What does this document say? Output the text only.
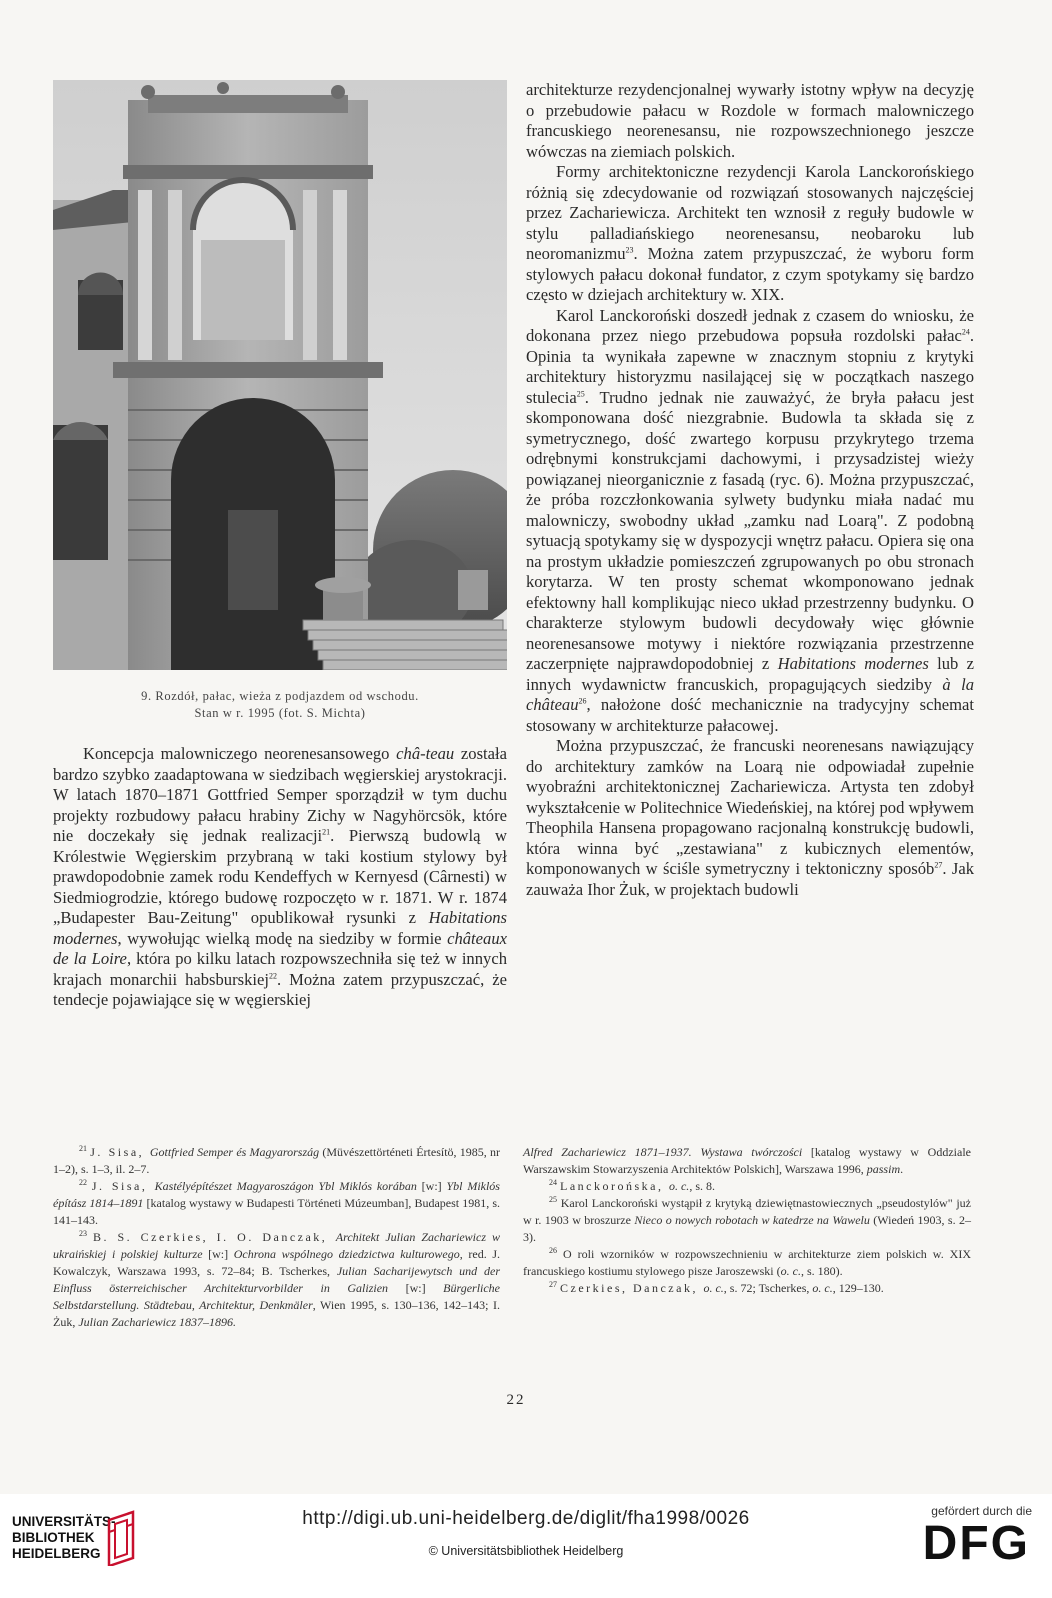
9. Rozdół, pałac, wieża z podjazdem od wschodu.
Stan w r. 1995 (fot. S. Michta)

Koncepcja malowniczego neorenesansowego châ-teau została bardzo szybko zaadaptowana w siedzibach węgierskiej arystokracji. W latach 1870–1871 Gottfried Semper sporządził w tym duchu projekty rozbudowy pałacu hrabiny Zichy w Nagyhörcsök, które nie doczekały się jednak realizacji$^{21}$. Pierwszą budowlą w Królestwie Węgierskim przybraną w taki kostium stylowy był prawdopodobnie zamek rodu Kendeffych w Kernyesd (Cârnesti) w Siedmiogrodzie, którego budowę rozpoczęto w r. 1871. W r. 1874 „Budapester Bau-Zeitung" opublikował rysunki z Habitations modernes, wywołując wielką modę na siedziby w formie châteaux de la Loire, która po kilku latach rozpowszechniła się też w innych krajach monarchii habsburskiej$^{22}$. Można zatem przypuszczać, że tendecje pojawiające się w węgierskiej

architekturze rezydencjonalnej wywarły istotny wpływ na decyzję o przebudowie pałacu w Rozdole w formach malowniczego francuskiego neorenesansu, nie rozpowszechnionego jeszcze wówczas na ziemiach polskich.

Formy architektoniczne rezydencji Karola Lanckorońskiego różnią się zdecydowanie od rozwiązań stosowanych najczęściej przez Zachariewicza. Architekt ten wznosił z reguły budowle w stylu palladiańskiego neorenesansu, neobaroku lub neoromanizmu$^{23}$. Można zatem przypuszczać, że wyboru form stylowych pałacu dokonał fundator, z czym spotykamy się bardzo często w dziejach architektury w. XIX.

Karol Lanckoroński doszedł jednak z czasem do wniosku, że dokonana przez niego przebudowa popsuła rozdolski pałac$^{24}$. Opinia ta wynikała zapewne w znacznym stopniu z krytyki architektury historyzmu nasilającej się w początkach naszego stulecia$^{25}$. Trudno jednak nie zauważyć, że bryła pałacu jest skomponowana dość niezgrabnie. Budowla ta składa się z symetrycznego, dość zwartego korpusu przykrytego trzema odrębnymi konstrukcjami dachowymi, i przysadzistej wieży powiązanej nieorganicznie z fasadą (ryc. 6). Można przypuszczać, że próba rozczłonkowania sylwety budynku miała nadać mu malowniczy, swobodny układ „zamku nad Loarą". Z podobną sytuacją spotykamy się w dyspozycji wnętrz pałacu. Opiera się ona na prostym układzie pomieszczeń zgrupowanych po obu stronach korytarza. W ten prosty schemat wkomponowano jednak efektowny hall komplikując nieco układ przestrzenny budynku. O charakterze stylowym budowli decydowały więc głównie neorenesansowe motywy i niektóre rozwiązania przestrzenne zaczerpnięte najprawdopodobniej z Habitations modernes lub z innych wydawnictw francuskich, propagujących siedziby à la château$^{26}$, nałożone dość mechanicznie na tradycyjny schemat stosowany w architekturze pałacowej.

Można przypuszczać, że francuski neorenesans nawiązujący do architektury zamków na Loarą nie odpowiadał zupełnie wyobraźni architektonicznej Zachariewicza. Artysta ten zdobył wykształcenie w Politechnice Wiedeńskiej, na której pod wpływem Theophila Hansena propagowano racjonalną konstrukcję budowli, która winna być „zestawiana" z kubicznych elementów, komponowanych w ściśle symetryczny i tektoniczny sposób$^{27}$. Jak zauważa Ihor Żuk, w projektach budowli

$^{21}$ J. Sisa, Gottfried Semper és Magyarország (Müvészettörténeti Értesítö, 1985, nr 1–2), s. 1–3, il. 2–7.

$^{22}$ J. Sisa, Kastélyépítészet Magyaroszágon Ybl Miklós korában [w:] Ybl Miklós építász 1814–1891 [katalog wystawy w Budapesti Történeti Múzeumban], Budapest 1981, s. 141–143.

$^{23}$ B. S. Czerkies, I. O. Danczak, Architekt Julian Zachariewicz w ukraińskiej i polskiej kulturze [w:] Ochrona wspólnego dziedzictwa kulturowego, red. J. Kowalczyk, Warszawa 1993, s. 72–84; B. Tscherkes, Julian Sacharijewytsch und der Einfluss österreichischer Architekturvorbilder in Galizien [w:] Bürgerliche Selbstdarstellung. Städtebau, Architektur, Denkmäler, Wien 1995, s. 130–136, 142–143; I. Żuk, Julian Zachariewicz 1837–1896.

Alfred Zachariewicz 1871–1937. Wystawa twórczości [katalog wystawy w Oddziale Warszawskim Stowarzyszenia Architektów Polskich], Warszawa 1996, passim.

$^{24}$ Lanckorońska, o. c., s. 8.

$^{25}$ Karol Lanckoroński wystąpił z krytyką dziewiętnastowiecznych „pseudostylów" już w r. 1903 w broszurze Nieco o nowych robotach w katedrze na Wawelu (Wiedeń 1903, s. 2–3).

$^{26}$ O roli wzorników w rozpowszechnieniu w architekturze ziem polskich w. XIX francuskiego kostiumu stylowego pisze Jaroszewski (o. c., s. 180).

$^{27}$ Czerkies, Danczak, o. c., s. 72; Tscherkes, o. c., 129–130.

22
UNIVERSITÄTS-
BIBLIOTHEK
HEIDELBERG
http://digi.ub.uni-heidelberg.de/diglit/fha1998/0026
© Universitätsbibliothek Heidelberg
gefördert durch die
DFG
